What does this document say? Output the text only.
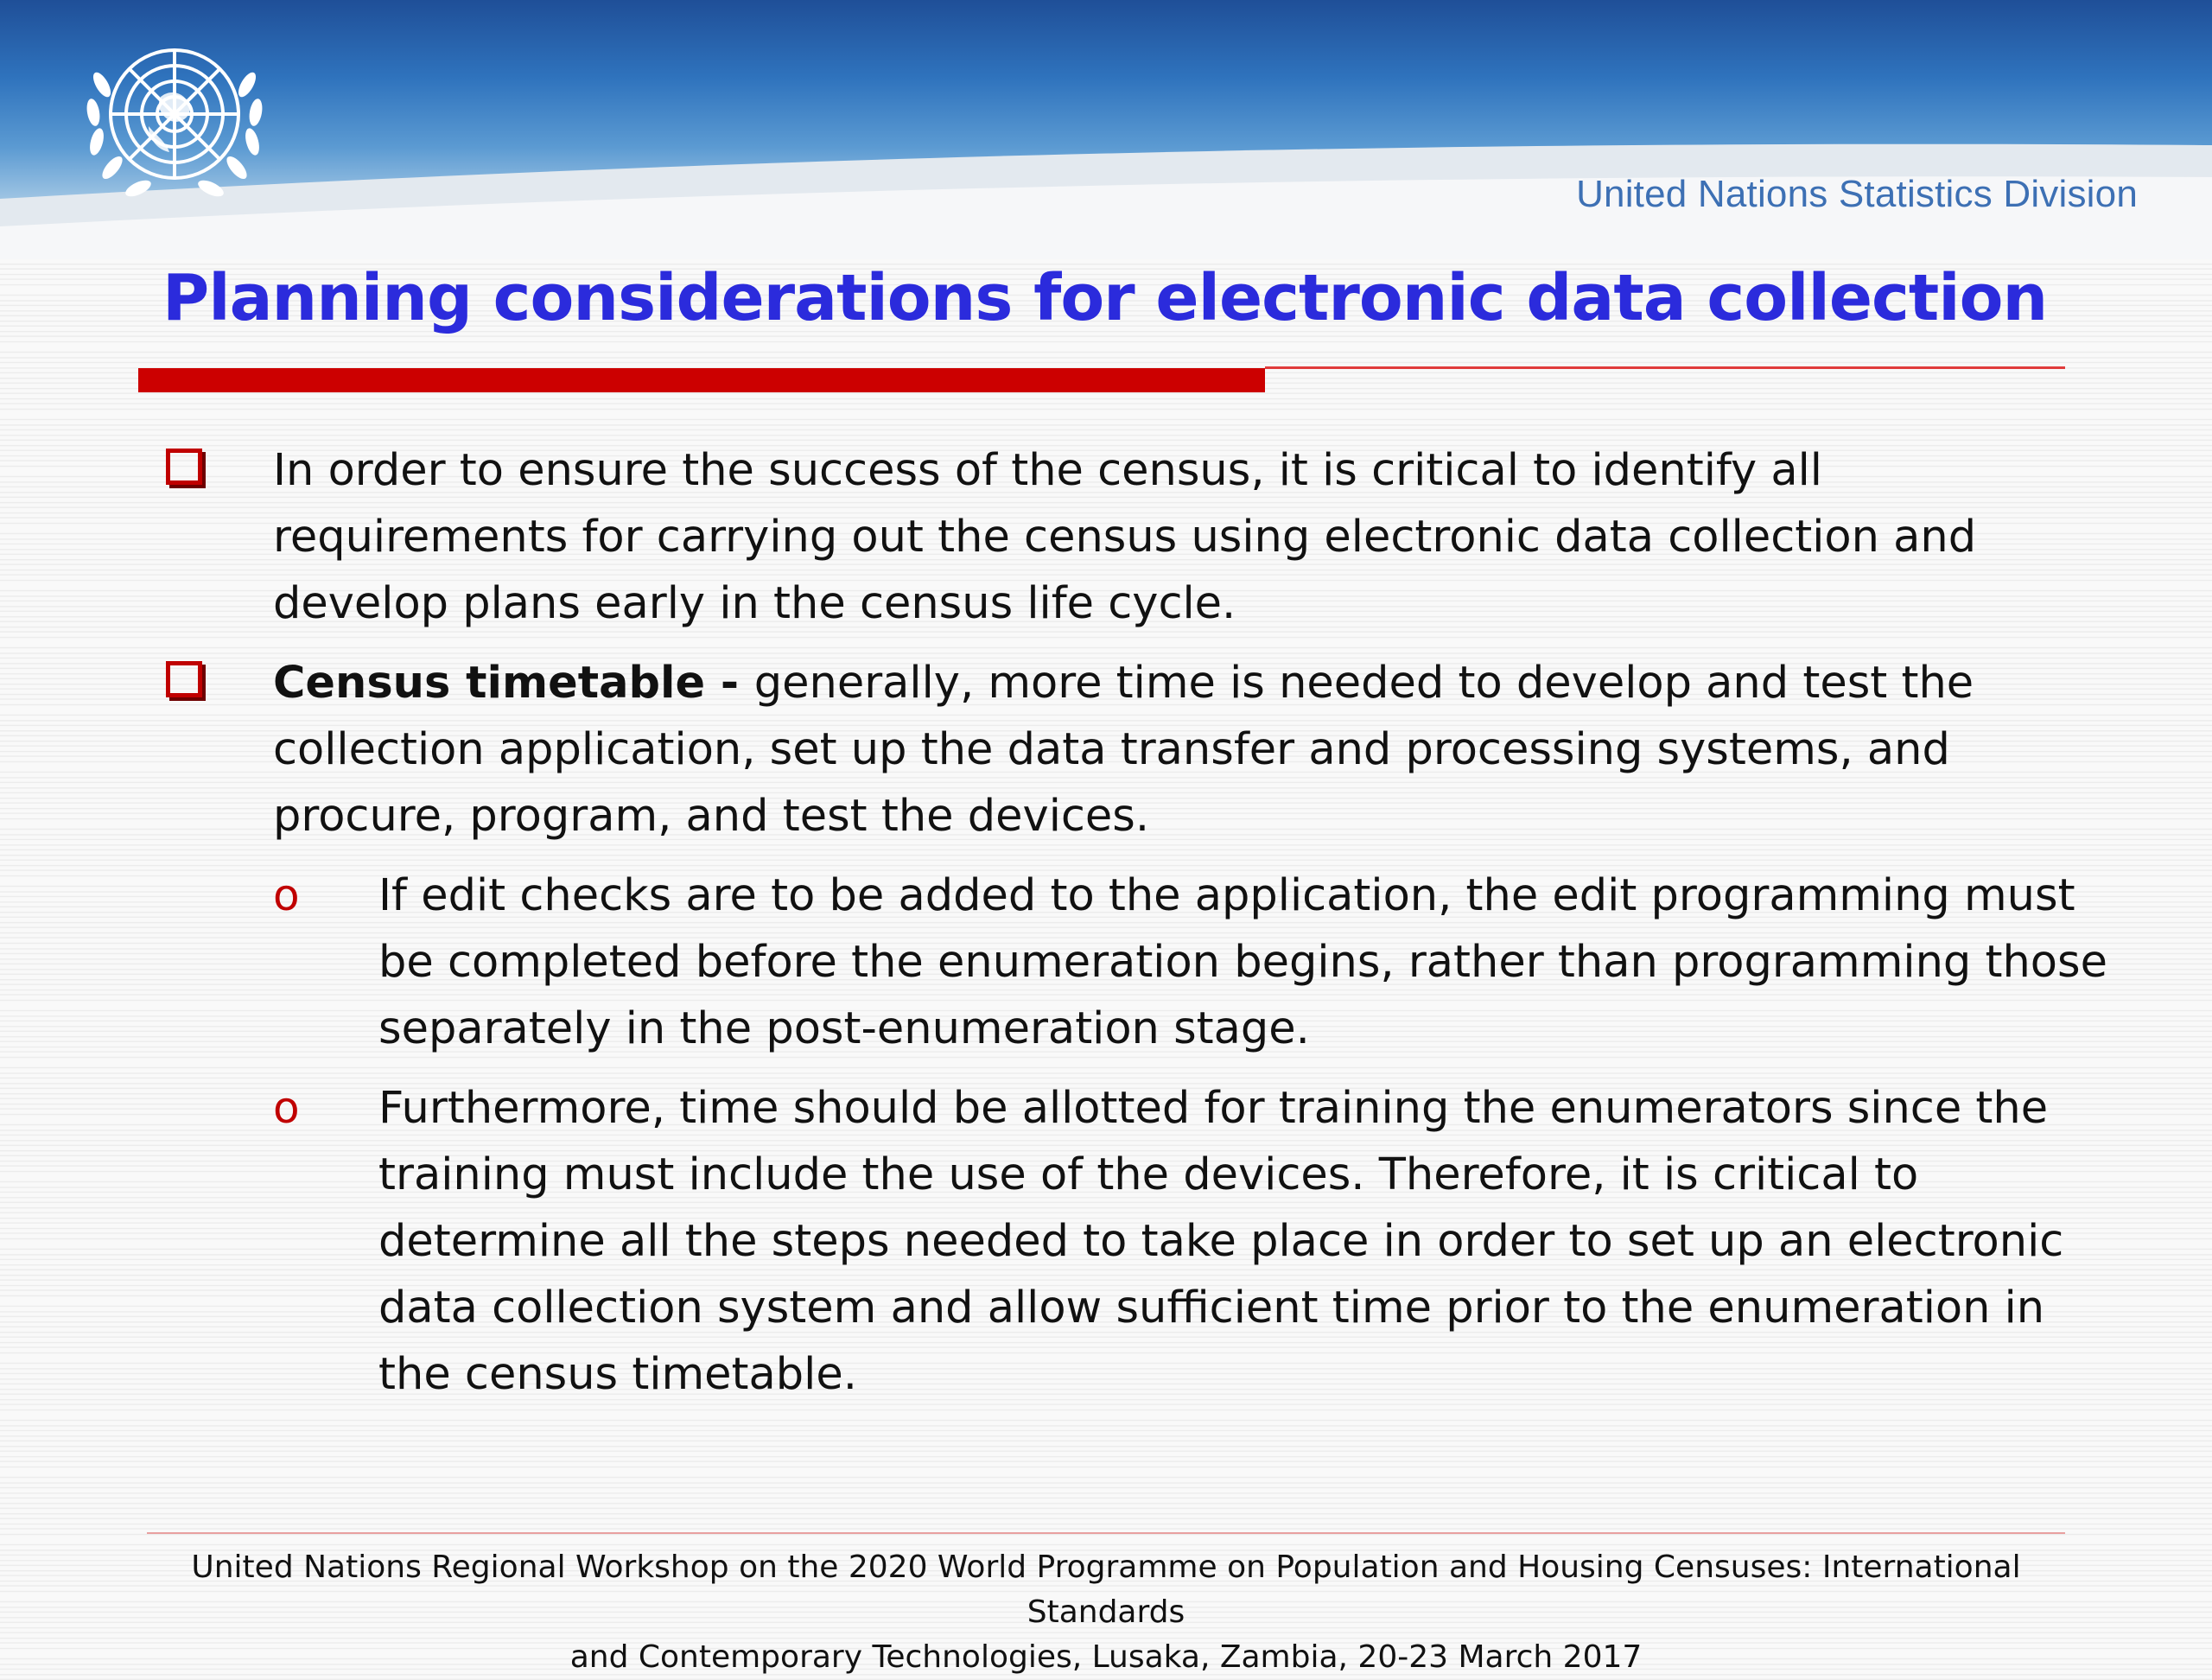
United Nations Statistics Division

Planning considerations for electronic data collection

In order to ensure the success of the census, it is critical to identify all requirements for carrying out the census using electronic data collection and develop plans early in the census life cycle.

Census timetable - generally, more time is needed to develop and test the collection application, set up the data transfer and processing systems, and procure, program, and test the devices.

o If edit checks are to be added to the application, the edit programming must be completed before the enumeration begins, rather than programming those separately in the post-enumeration stage.

o Furthermore, time should be allotted for training the enumerators since the training must include the use of the devices. Therefore, it is critical to determine all the steps needed to take place in order to set up an electronic data collection system and allow sufficient time prior to the enumeration in the census timetable.

United Nations Regional Workshop on the 2020 World Programme on Population and Housing Censuses: International Standards
and Contemporary Technologies, Lusaka, Zambia, 20-23 March 2017
